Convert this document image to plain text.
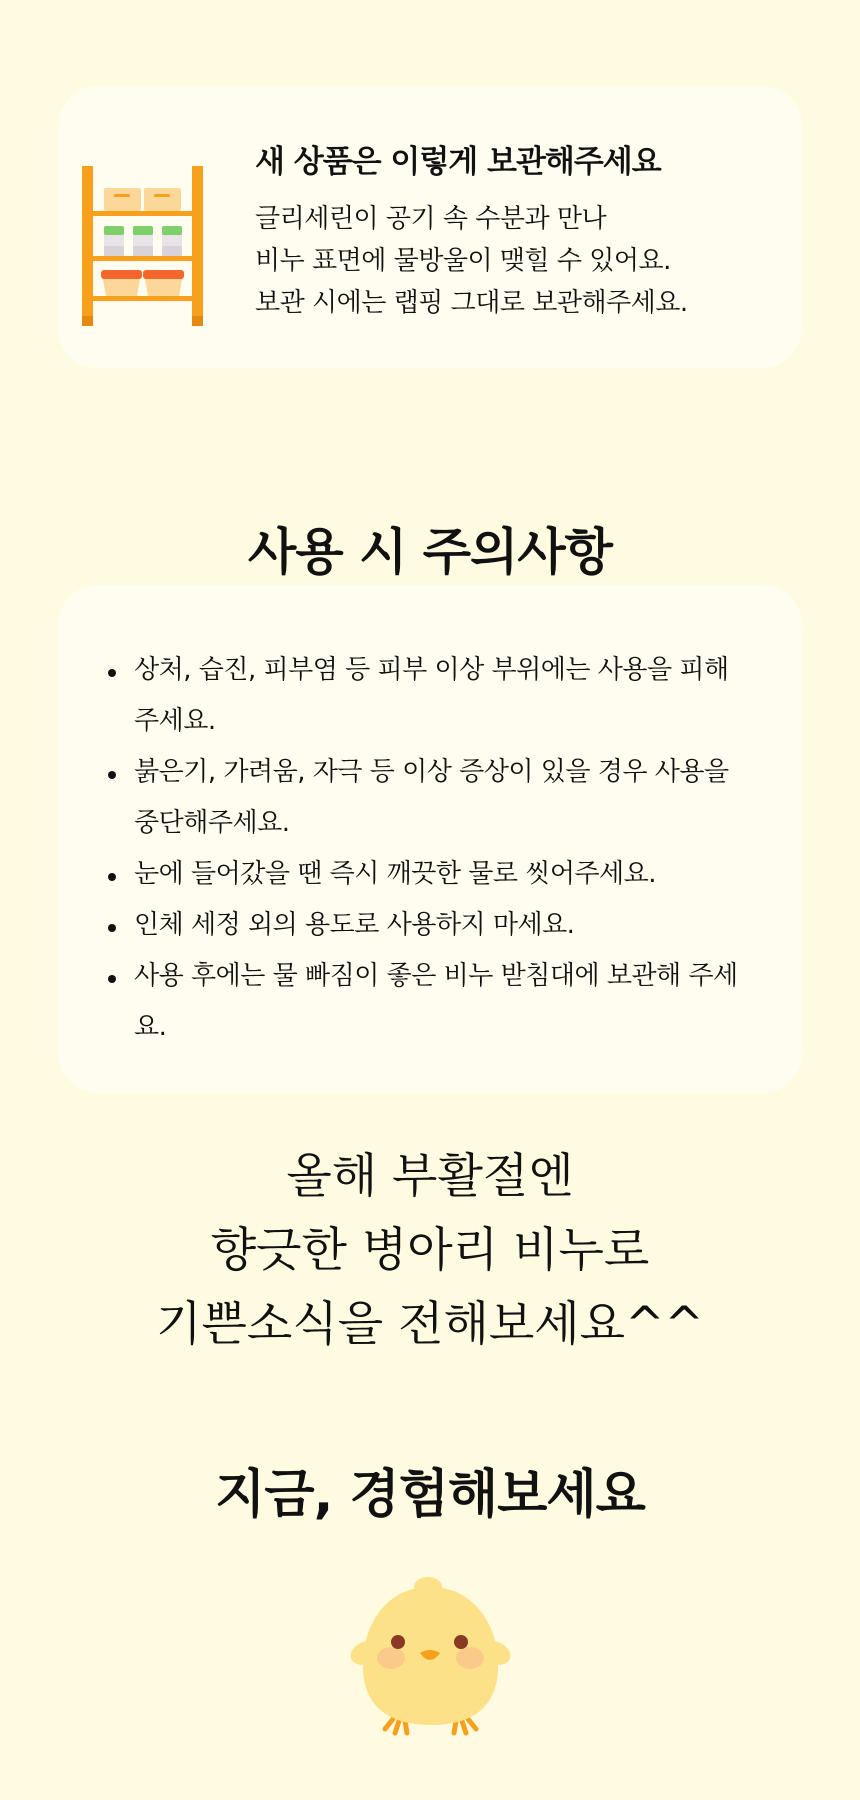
새 상품은 이렇게 보관해주세요
글리세린이 공기 속 수분과 만나
비누 표면에 물방울이 맺힐 수 있어요.
보관 시에는 랩핑 그대로 보관해주세요.
사용 시 주의사항
상처, 습진, 피부염 등 피부 이상 부위에는 사용을 피해주세요.
붉은기, 가려움, 자극 등 이상 증상이 있을 경우 사용을 중단해주세요.
눈에 들어갔을 땐 즉시 깨끗한 물로 씻어주세요.
인체 세정 외의 용도로 사용하지 마세요.
사용 후에는 물 빠짐이 좋은 비누 받침대에 보관해 주세요.
올해 부활절엔
향긋한 병아리 비누로
기쁜소식을 전해보세요^^
지금, 경험해보세요
